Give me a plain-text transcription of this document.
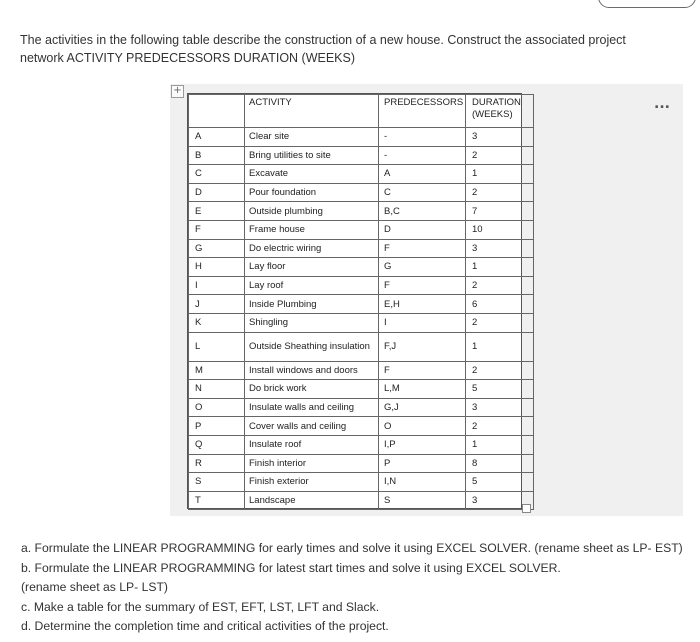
The activities in the following table describe the construction of a new house. Construct the associated project
network ACTIVITY PREDECESSORS DURATION (WEEKS)
+
...
	ACTIVITY	PREDECESSORS	DURATION (WEEKS)
A	Clear site	-	3
B	Bring utilities to site	-	2
C	Excavate	A	1
D	Pour foundation	C	2
E	Outside plumbing	B,C	7
F	Frame house	D	10
G	Do electric wiring	F	3
H	Lay floor	G	1
I	Lay roof	F	2
J	Inside Plumbing	E,H	6
K	Shingling	I	2
L	Outside Sheathing insulation	F,J	1
M	Install windows and doors	F	2
N	Do brick work	L,M	5
O	Insulate walls and ceiling	G,J	3
P	Cover walls and ceiling	O	2
Q	Insulate roof	I,P	1
R	Finish interior	P	8
S	Finish exterior	I,N	5
T	Landscape	S	3
a. Formulate the LINEAR PROGRAMMING for early times and solve it using EXCEL SOLVER. (rename sheet as LP- EST)
b. Formulate the LINEAR PROGRAMMING for latest start times and solve it using EXCEL SOLVER.
(rename sheet as LP- LST)
c. Make a table for the summary of EST, EFT, LST, LFT and Slack.
d. Determine the completion time and critical activities of the project.
